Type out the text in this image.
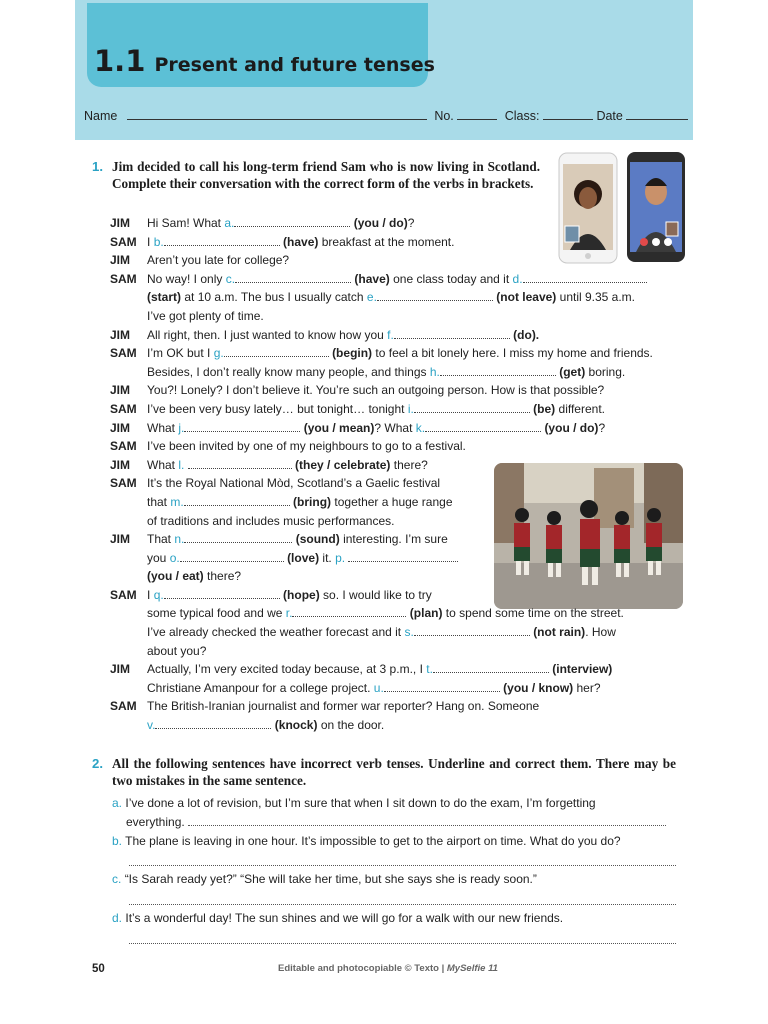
1.1 Present and future tenses
Name	No.	Class:	Date
1. Jim decided to call his long-term friend Sam who is now living in Scotland. Complete their conversation with the correct form of the verbs in brackets.
JIM Hi Sam! What a.	(you / do)?
SAM I b.	(have) breakfast at the moment.
JIM Aren’t you late for college?
SAM No way! I only c.	(have) one class today and it d.
(start) at 10 a.m. The bus I usually catch e.	(not leave) until 9.35 a.m.
I’ve got plenty of time.
JIM All right, then. I just wanted to know how you f.	(do).
SAM I’m OK but I g.	(begin) to feel a bit lonely here. I miss my home and friends.
Besides, I don’t really know many people, and things h.	(get) boring.
JIM You?! Lonely? I don’t believe it. You’re such an outgoing person. How is that possible?
SAM I’ve been very busy lately… but tonight… tonight i.	(be) different.
JIM What j.	(you / mean)? What k.	(you / do)?
SAM I’ve been invited by one of my neighbours to go to a festival.
JIM What l.	(they / celebrate) there?
SAM It’s the Royal National Mòd, Scotland’s a Gaelic festival
that m.	(bring) together a huge range
of traditions and includes music performances.
JIM That n.	(sound) interesting. I’m sure
you o.	(love) it. p.
(you / eat) there?
SAM I q.	(hope) so. I would like to try
some typical food and we r.	(plan) to spend some time on the street.
I’ve already checked the weather forecast and it s.	(not rain). How
about you?
JIM Actually, I’m very excited today because, at 3 p.m., I t.	(interview)
Christiane Amanpour for a college project. u.	(you / know) her?
SAM The British-Iranian journalist and former war reporter? Hang on. Someone
v.	(knock) on the door.
2. All the following sentences have incorrect verb tenses. Underline and correct them. There may be two mistakes in the same sentence.
a. I’ve done a lot of revision, but I’m sure that when I sit down to do the exam, I’m forgetting
everything.
b. The plane is leaving in one hour. It’s impossible to get to the airport on time. What do you do?
c. “Is Sarah ready yet?” “She will take her time, but she says she is ready soon.”
d. It’s a wonderful day! The sun shines and we will go for a walk with our new friends.
50	Editable and photocopiable © Texto | MySelfie 11
